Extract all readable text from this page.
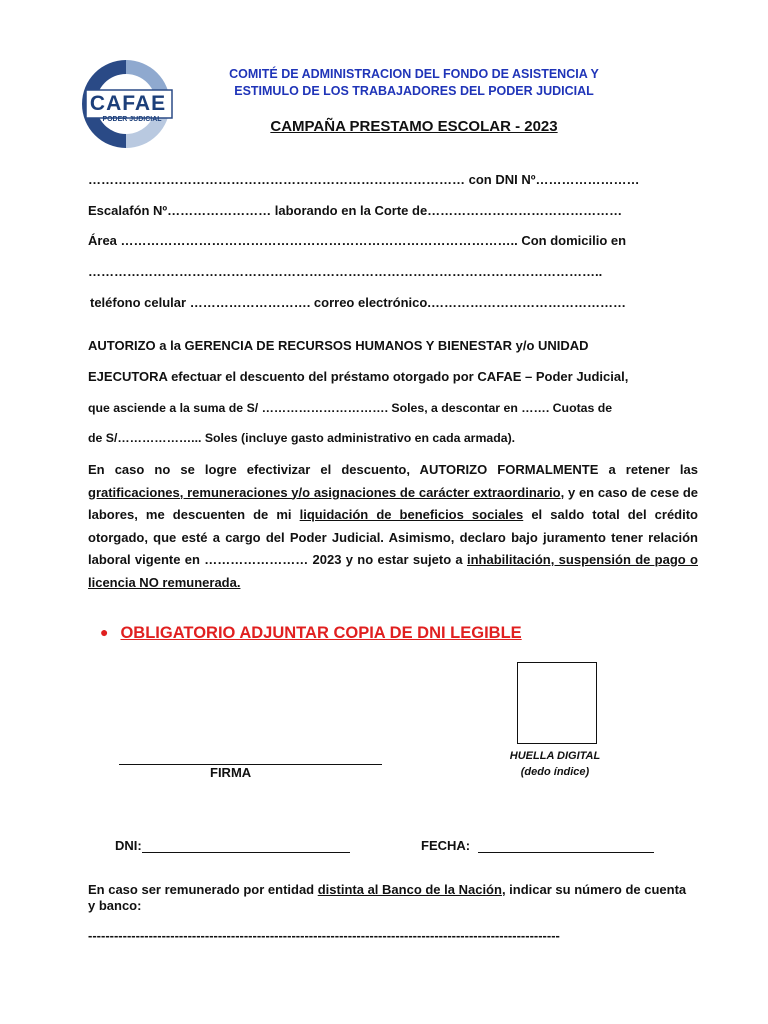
CAFAE
PODER JUDICIAL
COMITÉ DE ADMINISTRACION DEL FONDO DE ASISTENCIA Y
ESTIMULO DE LOS TRABAJADORES DEL PODER JUDICIAL
CAMPAÑA PRESTAMO ESCOLAR - 2023
…………………………………………………………………………… con DNI Nº……………………
Escalafón Nº…………………… laborando en la Corte de………………………………………
Área ……………………………………………………………………………….. Con domicilio en
………………………………………………………………………………………………………..
teléfono celular ………………………. correo electrónico.………………………………………
AUTORIZO a la GERENCIA DE RECURSOS HUMANOS Y BIENESTAR y/o UNIDAD
EJECUTORA efectuar el descuento del préstamo otorgado por CAFAE – Poder Judicial,
que asciende a la suma de S/ …………………………. Soles, a descontar en ……. Cuotas de
de S/………………... Soles (incluye gasto administrativo en cada armada).
En caso no se logre efectivizar el descuento, AUTORIZO FORMALMENTE a retener las gratificaciones, remuneraciones y/o asignaciones de carácter extraordinario, y en caso de cese de labores, me descuenten de mi liquidación de beneficios sociales el saldo total del crédito otorgado, que esté a cargo del Poder Judicial. Asimismo, declaro bajo juramento tener relación laboral vigente en …………………… 2023 y no estar sujeto a inhabilitación, suspensión de pago o licencia NO remunerada.
● OBLIGATORIO ADJUNTAR COPIA DE DNI LEGIBLE
HUELLA DIGITAL
(dedo índice)
FIRMA
DNI:	FECHA:
En caso ser remunerado por entidad distinta al Banco de la Nación, indicar su número de cuenta y banco:
-------------------------------------------------------------------------------------------------------------
